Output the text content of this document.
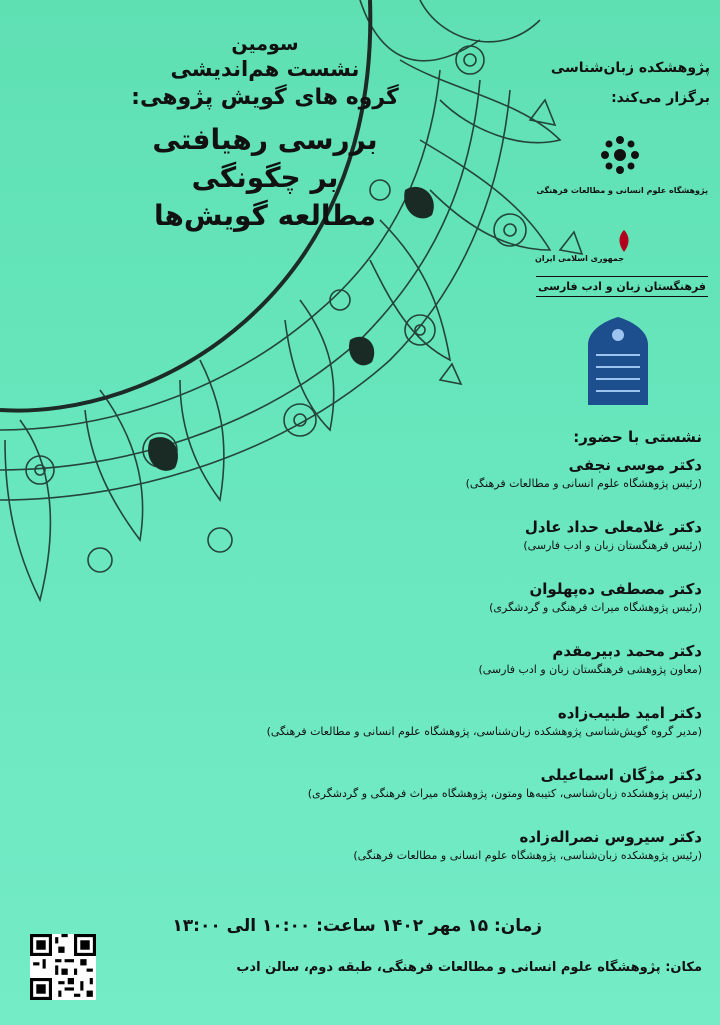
سومین
نشست هم‌اندیشی
گروه های گویش پژوهی:
بررسی رهیافتی
بر چگونگی
مطالعه گویش‌ها
پژوهشکده زبان‌شناسی
برگزار می‌کند:
پژوهشگاه علوم انسانی و مطالعات فرهنگی
جمهوری اسلامی ایران
فرهنگستان زبان و ادب فارسی
نشستی با حضور:
دکتر موسی نجفی
(رئیس پژوهشگاه علوم انسانی و مطالعات فرهنگی)
دکتر غلامعلی حداد عادل
(رئیس فرهنگستان زبان و ادب فارسی)
دکتر مصطفی ده‌پهلوان
(رئیس پژوهشگاه میراث فرهنگی و گردشگری)
دکتر محمد دبیرمقدم
(معاون پژوهشی فرهنگستان زبان و ادب فارسی)
دکتر امید طبیب‌زاده
(مدیر گروه گویش‌شناسی پژوهشکده زبان‌شناسی، پژوهشگاه علوم انسانی و مطالعات فرهنگی)
دکتر مژگان اسماعیلی
(رئیس پژوهشکده زبان‌شناسی، کتیبه‌ها ومتون، پژوهشگاه میراث فرهنگی و گردشگری)
دکتر سیروس نصراله‌زاده
(رئیس پژوهشکده زبان‌شناسی، پژوهشگاه علوم انسانی و مطالعات فرهنگی)
زمان: ۱۵ مهر ۱۴۰۲ ساعت: ۱۰:۰۰ الی ۱۳:۰۰
مکان: پژوهشگاه علوم انسانی و مطالعات فرهنگی، طبقه دوم، سالن ادب
